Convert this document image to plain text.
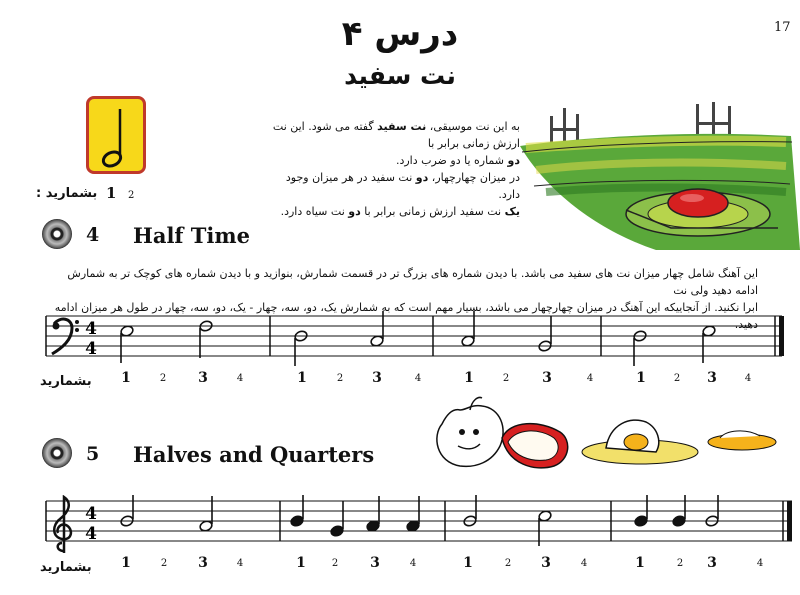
17
درس ۴
نت سفید
به این نت موسیقی، نت سفید گفته می شود. این نت ارزش زمانی برابر با
دو شماره یا دو ضرب دارد.
در میزان چهارچهار، دو نت سفید در هر میزان وجود دارد.
یک نت سفید ارزش زمانی برابر با دو نت سیاه دارد.
بشمارید : 1 2
4 Half Time
این آهنگ شامل چهار میزان نت های سفید می باشد. با دیدن شماره های بزرگ تر در قسمت شمارش، بنوازید و با دیدن شماره های کوچک تر به شمارش ادامه دهید ولی نت
ابرا نکنید. از آنجاییکه این آهنگ در میزان چهارچهار می باشد، بسیار مهم است که به شمارش یک، دو، سه، چهار - یک، دو، سه، چهار در طول هر میزان ادامه دهید.
4
4
بشمارید 1	2	3	4	1	2	3	4	1	2	3	4	1	2	3	4
5 Halves and Quarters
4
4
بشمارید 1	2	3	4	1	2	3	4	1	2	3	4	1	2	3	4
